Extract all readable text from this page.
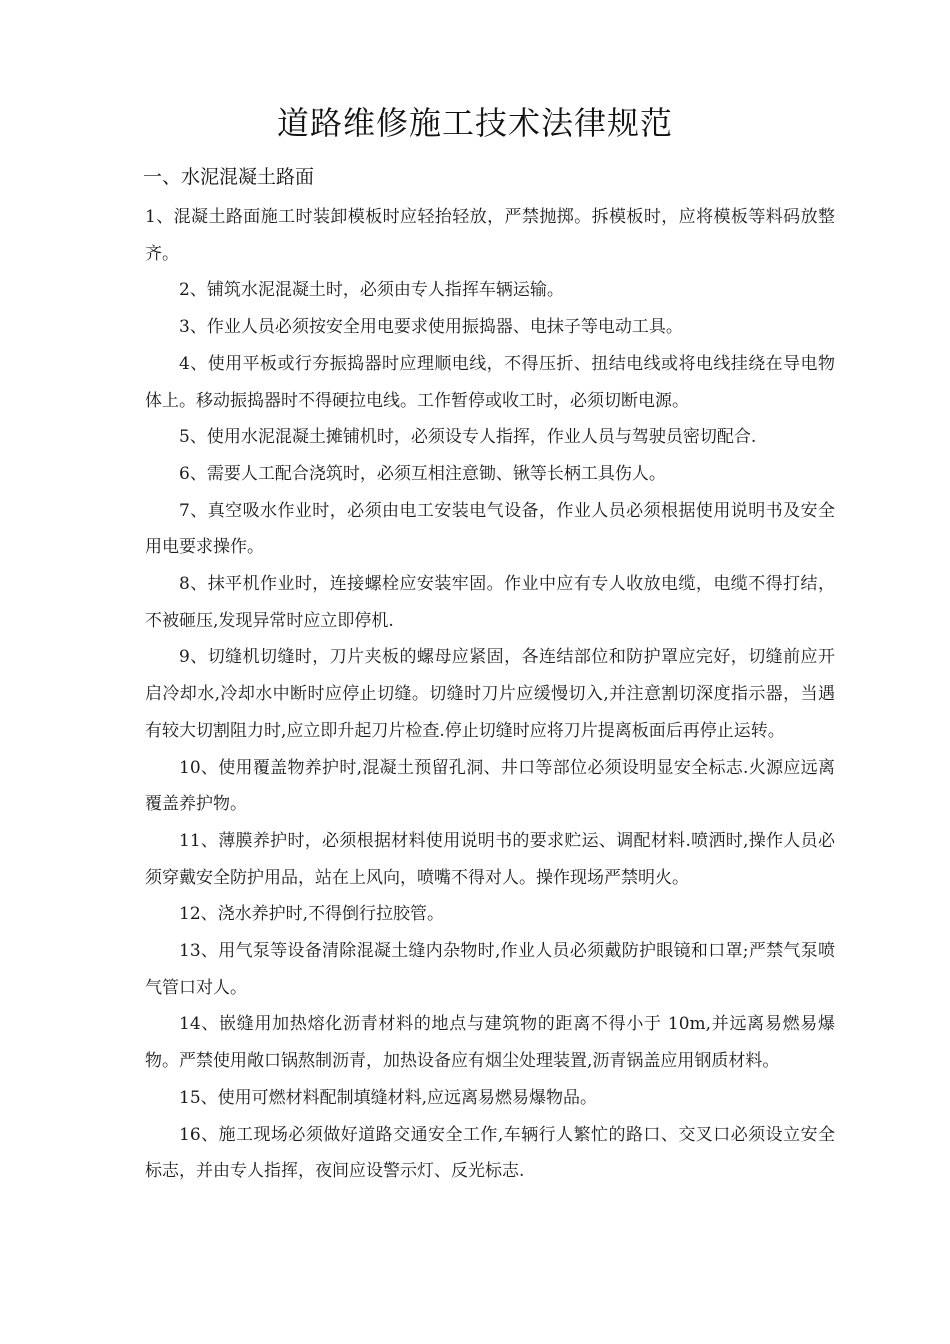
道路维修施工技术法律规范
一、水泥混凝土路面

1、混凝土路面施工时装卸模板时应轻抬轻放，严禁抛掷。拆模板时，应将模板等料码放整齐。

2、铺筑水泥混凝土时，必须由专人指挥车辆运输。

3、作业人员必须按安全用电要求使用振捣器、电抹子等电动工具。

4、使用平板或行夯振捣器时应理顺电线，不得压折、扭结电线或将电线挂绕在导电物体上。移动振捣器时不得硬拉电线。工作暂停或收工时，必须切断电源。

5、使用水泥混凝土摊铺机时，必须设专人指挥，作业人员与驾驶员密切配合.

6、需要人工配合浇筑时，必须互相注意锄、锹等长柄工具伤人。

7、真空吸水作业时，必须由电工安装电气设备，作业人员必须根据使用说明书及安全用电要求操作。

8、抹平机作业时，连接螺栓应安装牢固。作业中应有专人收放电缆，电缆不得打结，不被砸压,发现异常时应立即停机.

9、切缝机切缝时，刀片夹板的螺母应紧固，各连结部位和防护罩应完好，切缝前应开启冷却水,冷却水中断时应停止切缝。切缝时刀片应缓慢切入,并注意割切深度指示器，当遇有较大切割阻力时,应立即升起刀片检查.停止切缝时应将刀片提离板面后再停止运转。

10、使用覆盖物养护时,混凝土预留孔洞、井口等部位必须设明显安全标志.火源应远离覆盖养护物。

11、薄膜养护时，必须根据材料使用说明书的要求贮运、调配材料.喷洒时,操作人员必须穿戴安全防护用品，站在上风向，喷嘴不得对人。操作现场严禁明火。

12、浇水养护时,不得倒行拉胶管。

13、用气泵等设备清除混凝土缝内杂物时,作业人员必须戴防护眼镜和口罩;严禁气泵喷气管口对人。

14、嵌缝用加热熔化沥青材料的地点与建筑物的距离不得小于 10m,并远离易燃易爆物。严禁使用敞口锅熬制沥青，加热设备应有烟尘处理装置,沥青锅盖应用钢质材料。

15、使用可燃材料配制填缝材料,应远离易燃易爆物品。

16、施工现场必须做好道路交通安全工作,车辆行人繁忙的路口、交叉口必须设立安全标志，并由专人指挥，夜间应设警示灯、反光标志.
